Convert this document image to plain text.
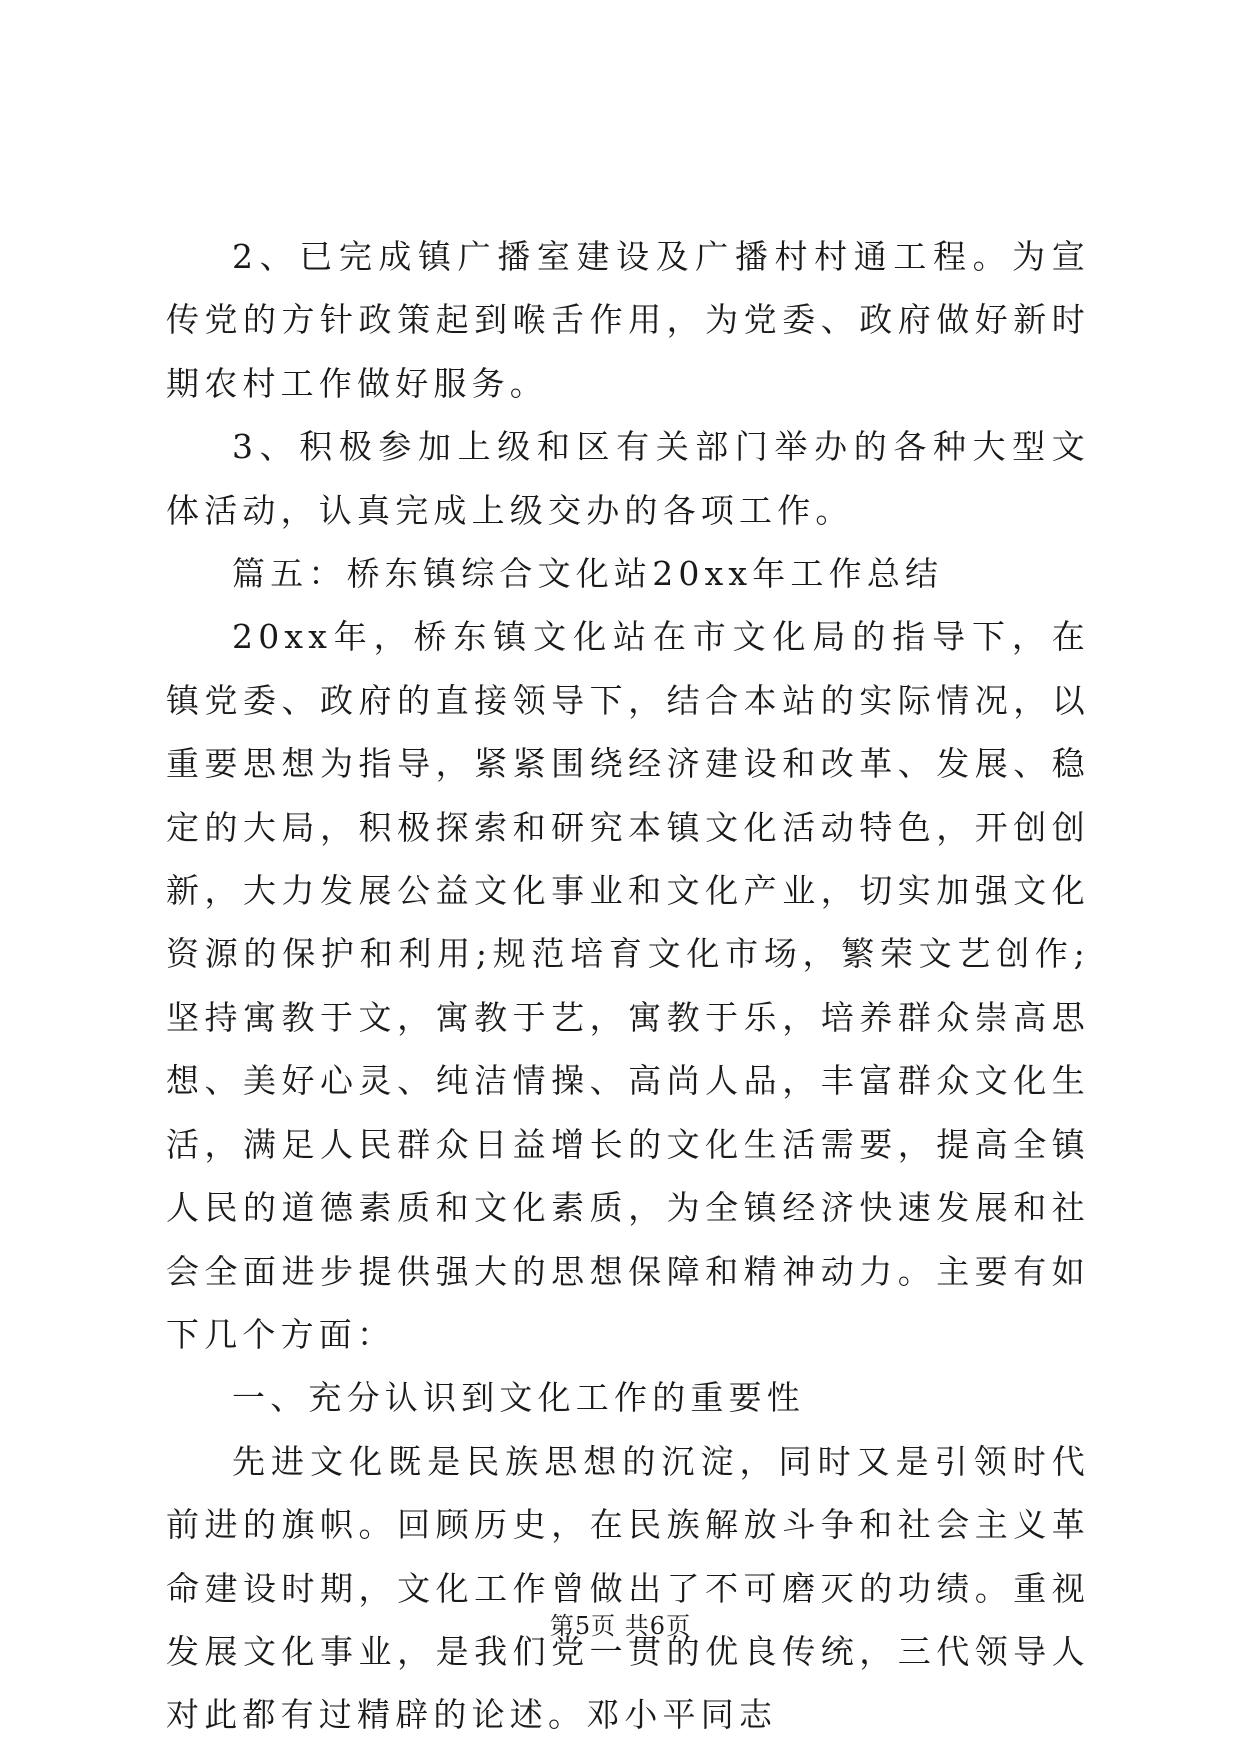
2、已完成镇广播室建设及广播村村通工程。为宣传党的方针政策起到喉舌作用，为党委、政府做好新时期农村工作做好服务。

3、积极参加上级和区有关部门举办的各种大型文体活动，认真完成上级交办的各项工作。

篇五：桥东镇综合文化站20xx年工作总结

20xx年，桥东镇文化站在市文化局的指导下，在镇党委、政府的直接领导下，结合本站的实际情况，以重要思想为指导，紧紧围绕经济建设和改革、发展、稳定的大局，积极探索和研究本镇文化活动特色，开创创新，大力发展公益文化事业和文化产业，切实加强文化资源的保护和利用;规范培育文化市场，繁荣文艺创作;坚持寓教于文，寓教于艺，寓教于乐，培养群众崇高思想、美好心灵、纯洁情操、高尚人品，丰富群众文化生活，满足人民群众日益增长的文化生活需要，提高全镇人民的道德素质和文化素质，为全镇经济快速发展和社会全面进步提供强大的思想保障和精神动力。主要有如下几个方面：

一、充分认识到文化工作的重要性

先进文化既是民族思想的沉淀，同时又是引领时代前进的旗帜。回顾历史，在民族解放斗争和社会主义革命建设时期，文化工作曾做出了不可磨灭的功绩。重视发展文化事业，是我们党一贯的优良传统，三代领导人对此都有过精辟的论述。邓小平同志

第5页 共6页
